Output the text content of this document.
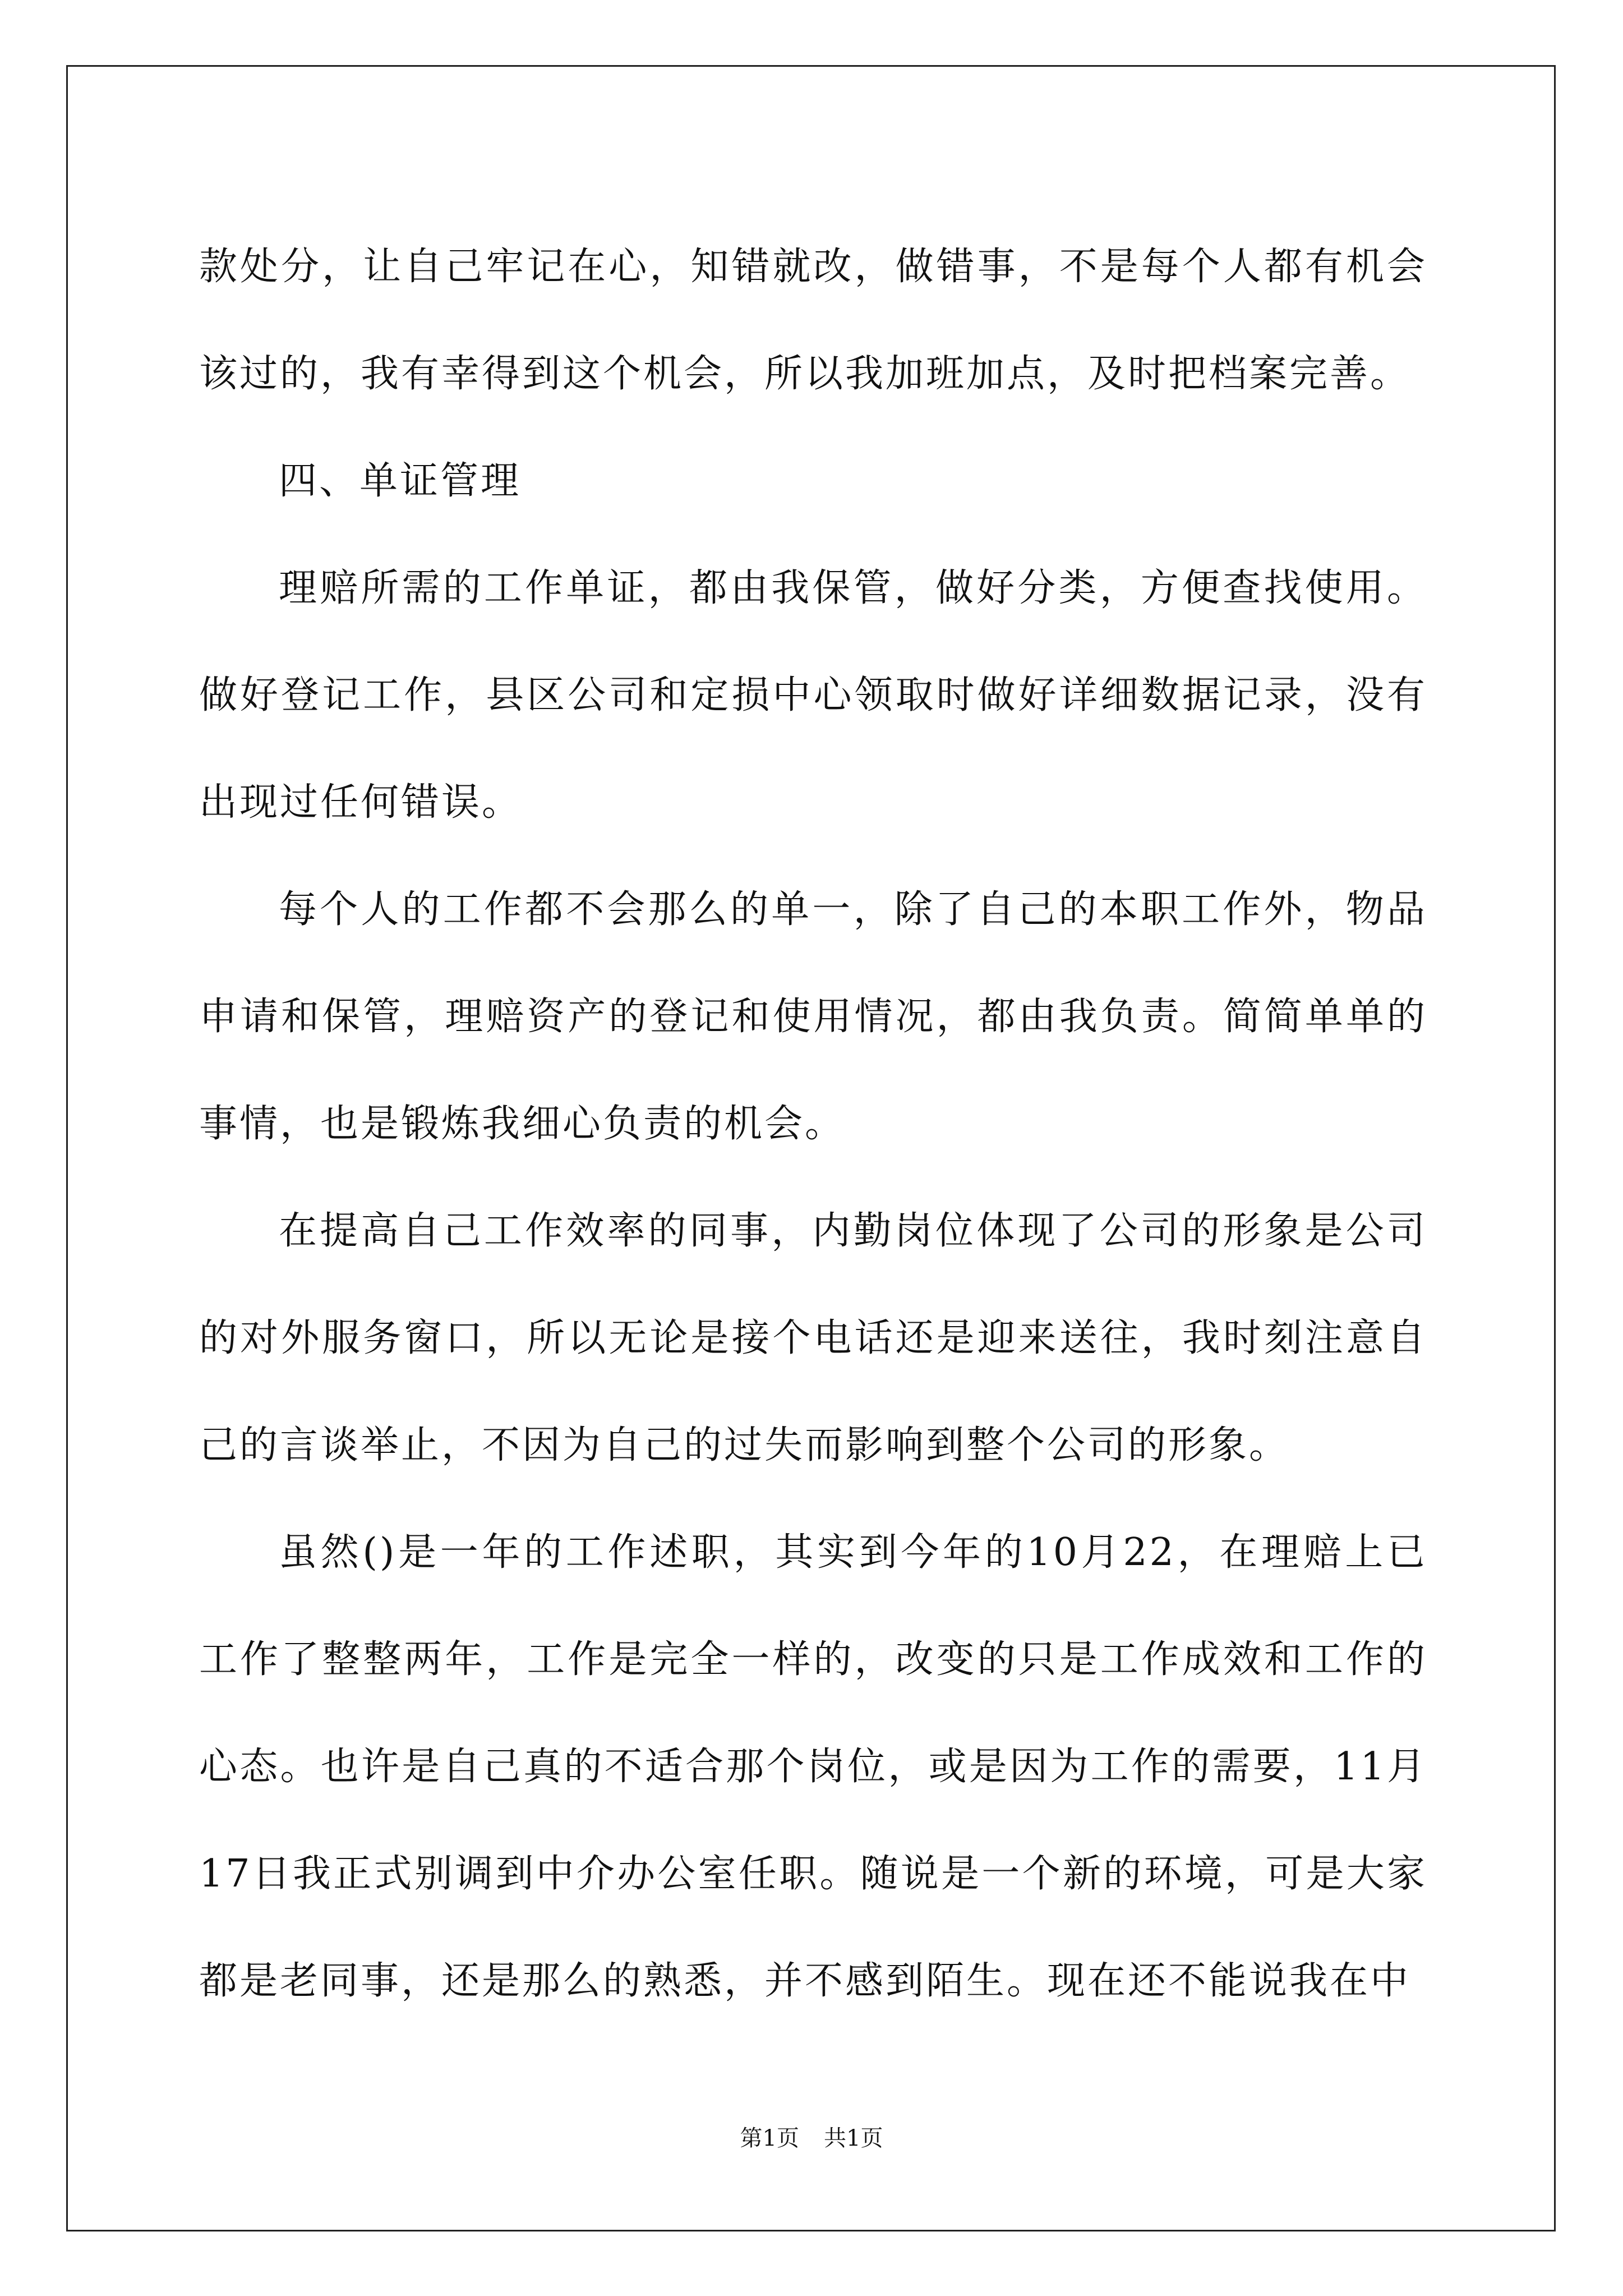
款处分，让自己牢记在心，知错就改，做错事，不是每个人都有机会该过的，我有幸得到这个机会，所以我加班加点，及时把档案完善。

四、单证管理

理赔所需的工作单证，都由我保管，做好分类，方便查找使用。做好登记工作，县区公司和定损中心领取时做好详细数据记录，没有出现过任何错误。

每个人的工作都不会那么的单一，除了自己的本职工作外，物品申请和保管，理赔资产的登记和使用情况，都由我负责。简简单单的事情，也是锻炼我细心负责的机会。

在提高自己工作效率的同事，内勤岗位体现了公司的形象是公司的对外服务窗口，所以无论是接个电话还是迎来送往，我时刻注意自己的言谈举止，不因为自己的过失而影响到整个公司的形象。

虽然()是一年的工作述职，其实到今年的10月22，在理赔上已工作了整整两年，工作是完全一样的，改变的只是工作成效和工作的心态。也许是自己真的不适合那个岗位，或是因为工作的需要，11月17日我正式别调到中介办公室任职。随说是一个新的环境，可是大家都是老同事，还是那么的熟悉，并不感到陌生。现在还不能说我在中

第1页 共1页
